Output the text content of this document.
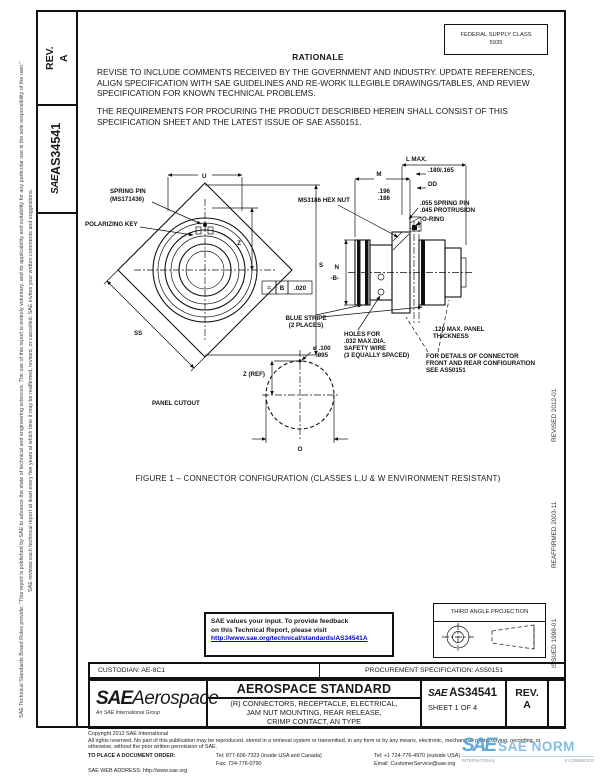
SAE Technical Standards Board Rules provide: "This report is published by SAE to advance the state of technical and engineering sciences. The use of this report is entirely voluntary, and its applicability and suitability for any particular use is the sole responsibility of the user." SAE reviews each technical report at least every five years at which time it may be reaffirmed, revised, or cancelled. SAE invites your written comments and suggestions.
REV. A
SAEAS34541
FEDERAL SUPPLY CLASS
5935
RATIONALE
REVISE TO INCLUDE COMMENTS RECEIVED BY THE GOVERNMENT AND INDUSTRY. UPDATE REFERENCES, ALIGN SPECIFICATION WITH SAE GUIDELINES AND RE-WORK ILLEGIBLE DRAWINGS/TABLES, AND REVIEW SPECIFICATION FOR KNOWN TECHNICAL PROBLEMS.
THE REQUIREMENTS FOR PROCURING THE PRODUCT DESCRIBED HEREIN SHALL CONSIST OF THIS SPECIFICATION SHEET AND THE LATEST ISSUE OF SAE AS50151.
U
Z
S
SS
= B .020
SPRING PIN
(MS171436)
POLARIZING KEY
MS3186 HEX NUT
L MAX.
.180/.165
M
DD
.196
.186
.055 SPRING PIN
.045 PROTRUSION
O-RING
N
-B-
BLUE STRIPE
(2 PLACES)
HOLES FOR
.032 MAX.DIA.
SAFETY WIRE
(3 EQUALLY SPACED)
.120 MAX. PANEL
THICKNESS
FOR DETAILS OF CONNECTOR
FRONT AND REAR CONFIGURATION
SEE AS50151
ø .100
.095
Z (REF)
PANEL CUTOUT
O
FIGURE 1 – CONNECTOR CONFIGURATION (CLASSES L,U & W ENVIRONMENT RESISTANT)
REVISED 2012-01
REAFFIRMED 2003-11
ISSUED 1998-01
SAE values your input. To provide feedback
on this Technical Report, please visit
http://www.sae.org/technical/standards/AS34541A
THIRD ANGLE PROJECTION
CUSTODIAN: AE-8C1	PROCUREMENT SPECIFICATION: AS50151
SAEAerospace
An SAE International Group
AEROSPACE STANDARD
(R) CONNECTORS, RECEPTACLE, ELECTRICAL,
JAM NUT MOUNTING, REAR RELEASE,
CRIMP CONTACT, AN TYPE
SAE AS34541
SHEET 1 OF 4
REV.
A
Copyright 2012 SAE International
All rights reserved. No part of this publication may be reproduced, stored in a retrieval system or transmitted, in any form or by any means, electronic, mechanical, photocopying, recording, or otherwise, without the prior written permission of SAE.
TO PLACE A DOCUMENT ORDER:	Tel: 877-606-7323 (inside USA and Canada)	Tel: +1 724-776-4970 (outside USA)
Fax: 724-776-0790	Email: CustomerService@sae.org
SAE WEB ADDRESS: http://www.sae.org
SAE SAE NORM
INTERNATIONAL	E-COMMERCE
